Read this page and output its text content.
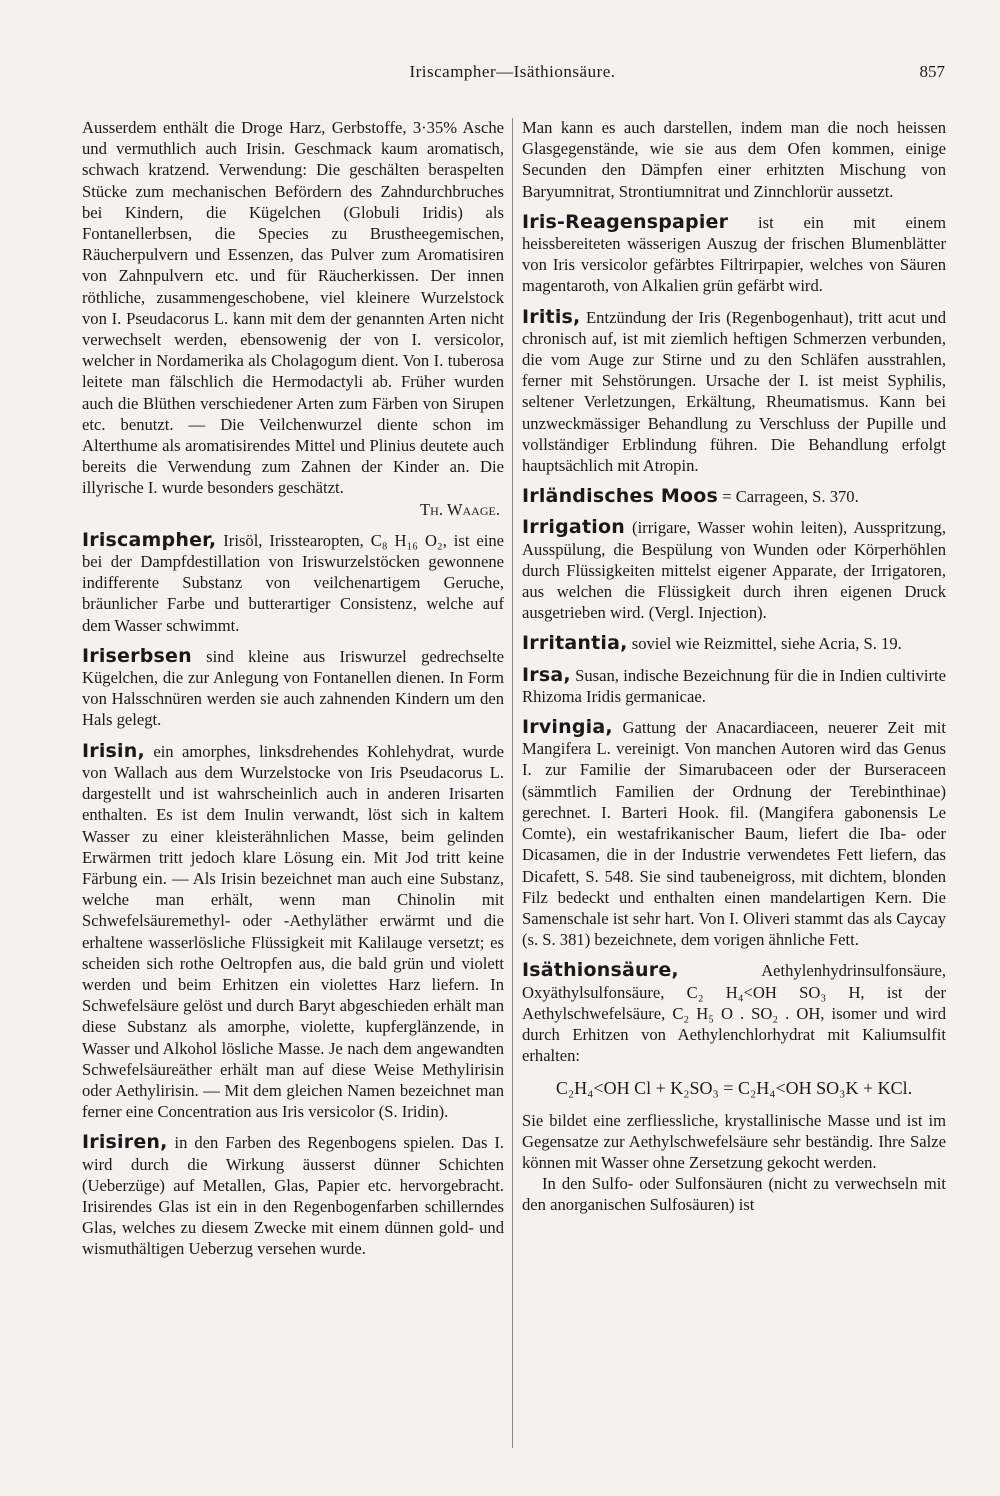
Iriscampher—Isäthionsäure.	857

Ausserdem enthält die Droge Harz, Gerbstoffe, 3·35% Asche und vermuthlich auch Irisin. Geschmack kaum aromatisch, schwach kratzend. Verwendung: Die geschälten beraspelten Stücke zum mechanischen Befördern des Zahndurchbruches bei Kindern, die Kügelchen (Globuli Iridis) als Fontanellerbsen, die Species zu Brustheegemischen, Räucherpulvern und Essenzen, das Pulver zum Aromatisiren von Zahnpulvern etc. und für Räucherkissen. Der innen röthliche, zusammengeschobene, viel kleinere Wurzelstock von I. Pseudacorus L. kann mit dem der genannten Arten nicht verwechselt werden, ebensowenig der von I. versicolor, welcher in Nordamerika als Cholagogum dient. Von I. tuberosa leitete man fälschlich die Hermodactyli ab. Früher wurden auch die Blüthen verschiedener Arten zum Färben von Sirupen etc. benutzt. — Die Veilchenwurzel diente schon im Alterthume als aromatisirendes Mittel und Plinius deutete auch bereits die Verwendung zum Zahnen der Kinder an. Die illyrische I. wurde besonders geschätzt.

Th. Waage.

Iriscampher, Irisöl, Irisstearopten, C₈ H₁₆ O₂, ist eine bei der Dampfdestillation von Iriswurzelstöcken gewonnene indifferente Substanz von veilchenartigem Geruche, bräunlicher Farbe und butterartiger Consistenz, welche auf dem Wasser schwimmt.

Iriserbsen sind kleine aus Iriswurzel gedrechselte Kügelchen, die zur Anlegung von Fontanellen dienen. In Form von Halsschnüren werden sie auch zahnenden Kindern um den Hals gelegt.

Irisin, ein amorphes, linksdrehendes Kohlehydrat, wurde von Wallach aus dem Wurzelstocke von Iris Pseudacorus L. dargestellt und ist wahrscheinlich auch in anderen Irisarten enthalten. Es ist dem Inulin verwandt, löst sich in kaltem Wasser zu einer kleisterähnlichen Masse, beim gelinden Erwärmen tritt jedoch klare Lösung ein. Mit Jod tritt keine Färbung ein. — Als Irisin bezeichnet man auch eine Substanz, welche man erhält, wenn man Chinolin mit Schwefelsäuremethyl- oder -Aethyläther erwärmt und die erhaltene wasserlösliche Flüssigkeit mit Kalilauge versetzt; es scheiden sich rothe Oeltropfen aus, die bald grün und violett werden und beim Erhitzen ein violettes Harz liefern. In Schwefelsäure gelöst und durch Baryt abgeschieden erhält man diese Substanz als amorphe, violette, kupferglänzende, in Wasser und Alkohol lösliche Masse. Je nach dem angewandten Schwefelsäureäther erhält man auf diese Weise Methylirisin oder Aethylirisin. — Mit dem gleichen Namen bezeichnet man ferner eine Concentration aus Iris versicolor (S. Iridin).

Irisiren, in den Farben des Regenbogens spielen. Das I. wird durch die Wirkung äusserst dünner Schichten (Ueberzüge) auf Metallen, Glas, Papier etc. hervorgebracht. Irisirendes Glas ist ein in den Regenbogenfarben schillerndes Glas, welches zu diesem Zwecke mit einem dünnen gold- und wismuthältigen Ueberzug versehen wurde.

Man kann es auch darstellen, indem man die noch heissen Glasgegenstände, wie sie aus dem Ofen kommen, einige Secunden den Dämpfen einer erhitzten Mischung von Baryumnitrat, Strontiumnitrat und Zinnchlorür aussetzt.

Iris-Reagenspapier ist ein mit einem heissbereiteten wässerigen Auszug der frischen Blumenblätter von Iris versicolor gefärbtes Filtrirpapier, welches von Säuren magentaroth, von Alkalien grün gefärbt wird.

Iritis, Entzündung der Iris (Regenbogenhaut), tritt acut und chronisch auf, ist mit ziemlich heftigen Schmerzen verbunden, die vom Auge zur Stirne und zu den Schläfen ausstrahlen, ferner mit Sehstörungen. Ursache der I. ist meist Syphilis, seltener Verletzungen, Erkältung, Rheumatismus. Kann bei unzweckmässiger Behandlung zu Verschluss der Pupille und vollständiger Erblindung führen. Die Behandlung erfolgt hauptsächlich mit Atropin.

Irländisches Moos = Carrageen, S. 370.

Irrigation (irrigare, Wasser wohin leiten), Ausspritzung, Ausspülung, die Bespülung von Wunden oder Körperhöhlen durch Flüssigkeiten mittelst eigener Apparate, der Irrigatoren, aus welchen die Flüssigkeit durch ihren eigenen Druck ausgetrieben wird. (Vergl. Injection).

Irritantia, soviel wie Reizmittel, siehe Acria, S. 19.

Irsa, Susan, indische Bezeichnung für die in Indien cultivirte Rhizoma Iridis germanicae.

Irvingia, Gattung der Anacardiaceen, neuerer Zeit mit Mangifera L. vereinigt. Von manchen Autoren wird das Genus I. zur Familie der Simarubaceen oder der Burseraceen (sämmtlich Familien der Ordnung der Terebinthinae) gerechnet. I. Barteri Hook. fil. (Mangifera gabonensis Le Comte), ein westafrikanischer Baum, liefert die Iba- oder Dicasamen, die in der Industrie verwendetes Fett liefern, das Dicafett, S. 548. Sie sind taubeneigross, mit dichtem, blonden Filz bedeckt und enthalten einen mandelartigen Kern. Die Samenschale ist sehr hart. Von I. Oliveri stammt das als Caycay (s. S. 381) bezeichnete, dem vorigen ähnliche Fett.

Isäthionsäure,	Aethylenhydrinsulfonsäure, Oxyäthylsulfonsäure, C₂ H₄<OH SO₃ H, ist der Aethylschwefelsäure, C₂ H₅ O . SO₂ . OH, isomer und wird durch Erhitzen von Aethylenchlorhydrat mit Kaliumsulfit erhalten:

C₂H₄<OH Cl + K₂SO₃ = C₂H₄<OH SO₃K + KCl.

Sie bildet eine zerfliessliche, krystallinische Masse und ist im Gegensatze zur Aethylschwefelsäure sehr beständig. Ihre Salze können mit Wasser ohne Zersetzung gekocht werden.

In den Sulfo- oder Sulfonsäuren (nicht zu verwechseln mit den anorganischen Sulfosäuren) ist
